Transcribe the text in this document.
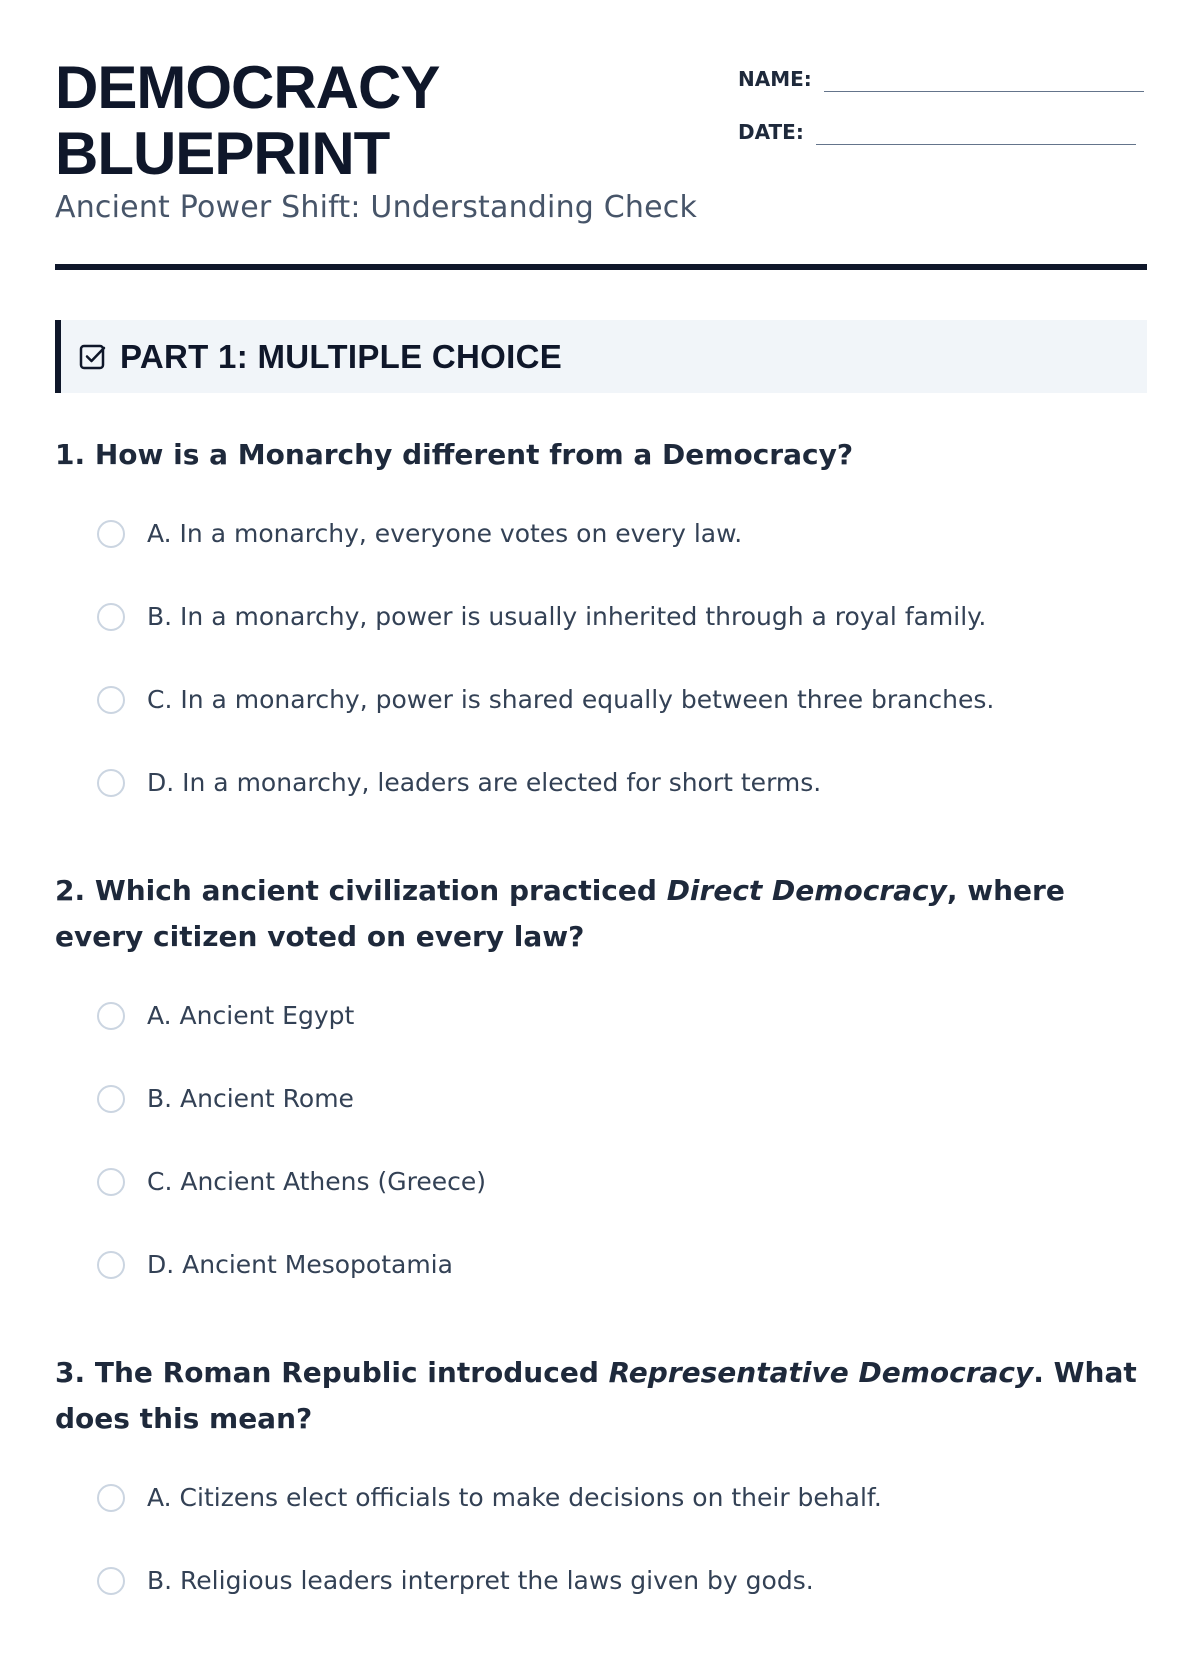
DEMOCRACY
BLUEPRINT
Ancient Power Shift: Understanding Check
NAME:
DATE:
PART 1: MULTIPLE CHOICE

1. How is a Monarchy different from a Democracy?

A. In a monarchy, everyone votes on every law.
B. In a monarchy, power is usually inherited through a royal family.
C. In a monarchy, power is shared equally between three branches.
D. In a monarchy, leaders are elected for short terms.

2. Which ancient civilization practiced Direct Democracy, where every citizen voted on every law?

A. Ancient Egypt
B. Ancient Rome
C. Ancient Athens (Greece)
D. Ancient Mesopotamia

3. The Roman Republic introduced Representative Democracy. What does this mean?

A. Citizens elect officials to make decisions on their behalf.
B. Religious leaders interpret the laws given by gods.
